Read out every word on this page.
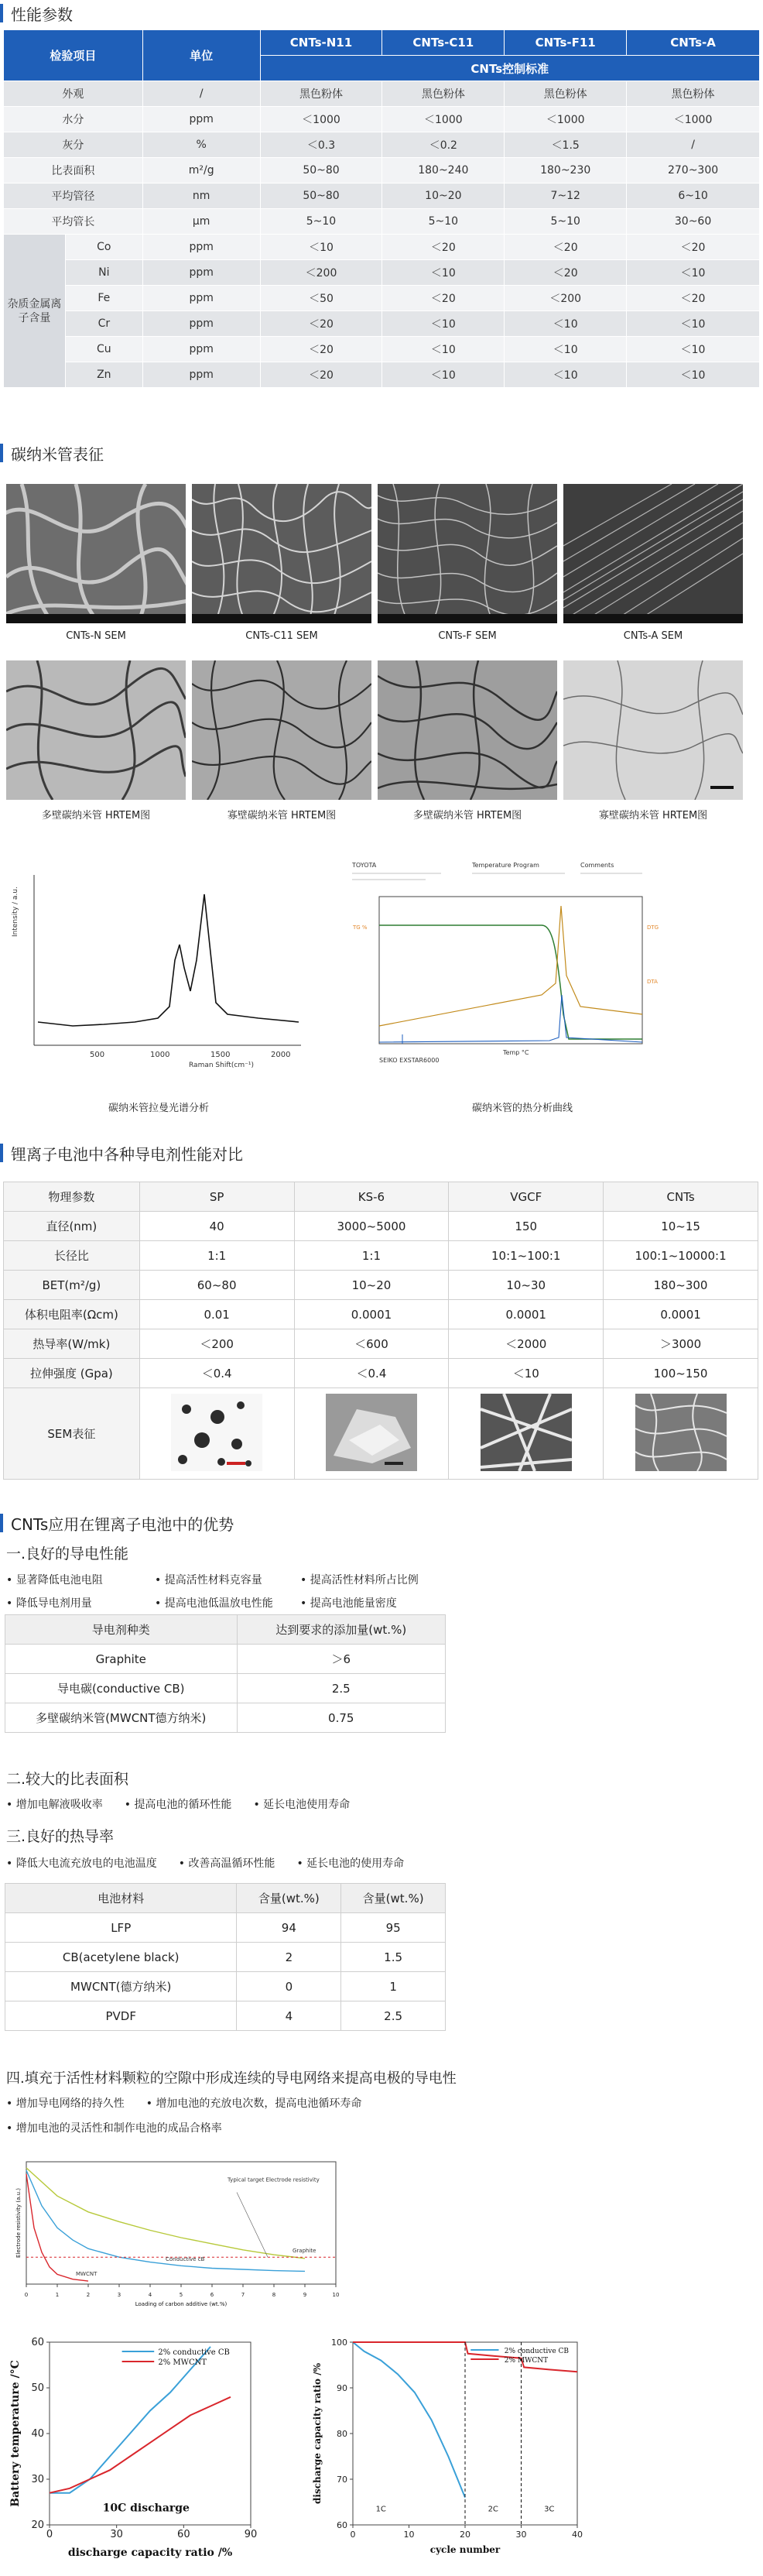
性能参数
检验项目		单位	CNTs-N11	CNTs-C11	CNTs-F11	CNTs-A
			CNTs控制标准			
外观		/	黑色粉体	黑色粉体	黑色粉体	黑色粉体
水分		ppm	＜1000	＜1000	＜1000	＜1000
灰分		%	＜0.3	＜0.2	＜1.5	/
比表面积		m²/g	50~80	180~240	180~230	270~300
平均管径		nm	50~80	10~20	7~12	6~10
平均管长		μm	5~10	5~10	5~10	30~60
杂质金属离子含量	Co	ppm	＜10	＜20	＜20	＜20
	Ni	ppm	＜200	＜10	＜20	＜10
	Fe	ppm	＜50	＜20	＜200	＜20
	Cr	ppm	＜20	＜10	＜10	＜10
	Cu	ppm	＜20	＜10	＜10	＜10
	Zn	ppm	＜20	＜10	＜10	＜10
碳纳米管表征
CNTs-N SEM	CNTs-C11 SEM	CNTs-F SEM	CNTs-A SEM
多壁碳纳米管 HRTEM图	寡壁碳纳米管 HRTEM图	多壁碳纳米管 HRTEM图	寡壁碳纳米管 HRTEM图
Intensity / a.u.
500	1000	1500	2000
Raman Shift(cm⁻¹)
碳纳米管拉曼光谱分析
TOYOTA	Temperature Program	Comments
TG %	DTG
DTA
SEIKO EXSTAR6000
Temp °C
碳纳米管的热分析曲线
锂离子电池中各种导电剂性能对比
物理参数	SP	KS-6	VGCF	CNTs
直径(nm)	40	3000~5000	150	10~15
长径比	1:1	1:1	10:1~100:1	100:1~10000:1
BET(m²/g)	60~80	10~20	10~30	180~300
体积电阻率(Ωcm)	0.01	0.0001	0.0001	0.0001
热导率(W/mk)	＜200	＜600	＜2000	＞3000
拉伸强度 (Gpa)	＜0.4	＜0.4	＜10	100~150
SEM表征				
CNTs应用在锂离子电池中的优势
一.良好的导电性能
• 显著降低电池电阻	• 提高活性材料克容量	• 提高活性材料所占比例
• 降低导电剂用量	• 提高电池低温放电性能	• 提高电池能量密度
导电剂种类	达到要求的添加量(wt.%)
Graphite	＞6
导电碳(conductive CB)	2.5
多壁碳纳米管(MWCNT德方纳米)	0.75
二.较大的比表面积
• 增加电解液吸收率 • 提高电池的循环性能 • 延长电池使用寿命
三.良好的热导率
• 降低大电流充放电的电池温度 • 改善高温循环性能 • 延长电池的使用寿命
电池材料	含量(wt.%)	含量(wt.%)
LFP	94	95
CB(acetylene black)	2	1.5
MWCNT(德方纳米)	0	1
PVDF	4	2.5
四.填充于活性材料颗粒的空隙中形成连续的导电网络来提高电极的导电性
• 增加导电网络的持久性 • 增加电池的充放电次数，提高电池循环寿命
• 增加电池的灵活性和制作电池的成品合格率
0	1	2	3	4	5	6	7	8	9	10
Loading of carbon additive (wt.%)
Electrode resistivity (a.u.)
Typical target Electrode resistivity
Graphite
Conductive cB
MWCNT
0	30	60	90
20
30
40
50
60
discharge capacity ratio /%
Battery temperature /°C
10C discharge
2% conductive CB
2% MWCNT
0	10	20	30	40
60
70
80
90
100
cycle number
discharge capacity ratio /%
1C	2C	3C
2% conductive CB
2% MWCNT
